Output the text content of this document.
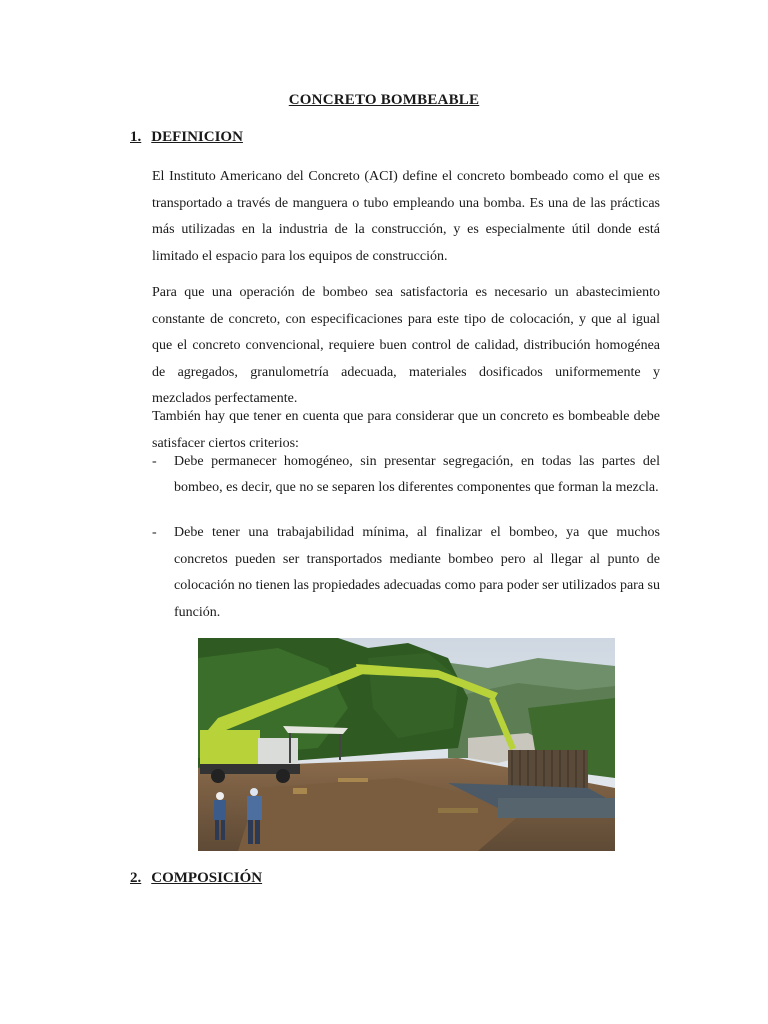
CONCRETO BOMBEABLE
1. DEFINICION

El Instituto Americano del Concreto (ACI) define el concreto bombeado como el que es transportado a través de manguera o tubo empleando una bomba. Es una de las prácticas más utilizadas en la industria de la construcción, y es especialmente útil donde está limitado el espacio para los equipos de construcción.

Para que una operación de bombeo sea satisfactoria es necesario un abastecimiento constante de concreto, con especificaciones para este tipo de colocación, y que al igual que el concreto convencional, requiere buen control de calidad, distribución homogénea de agregados, granulometría adecuada, materiales dosificados uniformemente y mezclados perfectamente.

También hay que tener en cuenta que para considerar que un concreto es bombeable debe satisfacer ciertos criterios:

- Debe permanecer homogéneo, sin presentar segregación, en todas las partes del bombeo, es decir, que no se separen los diferentes componentes que forman la mezcla.

- Debe tener una trabajabilidad mínima, al finalizar el bombeo, ya que muchos concretos pueden ser transportados mediante bombeo pero al llegar al punto de colocación no tienen las propiedades adecuadas como para poder ser utilizados para su función.

2. COMPOSICIÓN
